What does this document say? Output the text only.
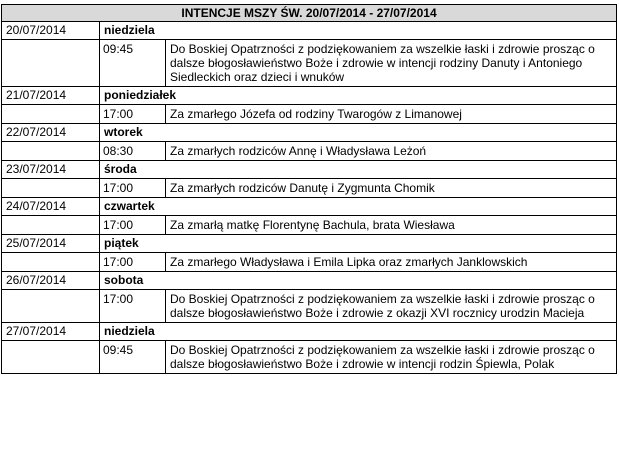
INTENCJE MSZY ŚW. 20/07/2014 - 27/07/2014		
20/07/2014	niedziela	
	09:45	Do Boskiej Opatrzności z podziękowaniem za wszelkie łaski i zdrowie prosząc o dalsze błogosławieństwo Boże i zdrowie w intencji rodziny Danuty i Antoniego Siedleckich oraz dzieci i wnuków
21/07/2014	poniedziałek	
	17:00	Za zmarłego Józefa od rodziny Twarogów z Limanowej
22/07/2014	wtorek	
	08:30	Za zmarłych rodziców Annę i Władysława Leżoń
23/07/2014	środa	
	17:00	Za zmarłych rodziców Danutę i Zygmunta Chomik
24/07/2014	czwartek	
	17:00	Za zmarłą matkę Florentynę Bachula, brata Wiesława
25/07/2014	piątek	
	17:00	Za zmarłego Władysława i Emila Lipka oraz zmarłych Janklowskich
26/07/2014	sobota	
	17:00	Do Boskiej Opatrzności z podziękowaniem za wszelkie łaski i zdrowie prosząc o dalsze błogosławieństwo Boże i zdrowie z okazji XVI rocznicy urodzin Macieja
27/07/2014	niedziela	
	09:45	Do Boskiej Opatrzności z podziękowaniem za wszelkie łaski i zdrowie prosząc o dalsze błogosławieństwo Boże i zdrowie w intencji rodzin Śpiewla, Polak
